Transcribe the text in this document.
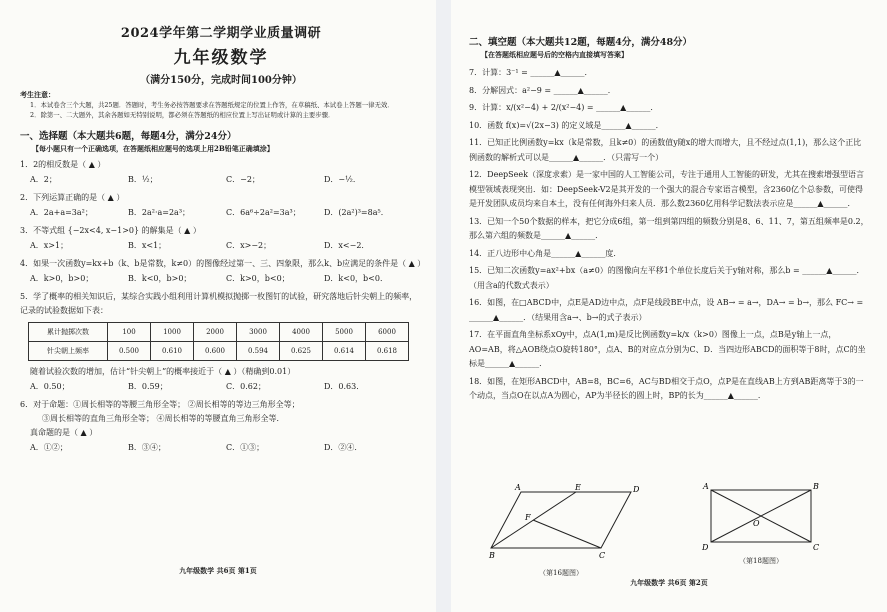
2024学年第二学期学业质量调研
九年级数学
（满分150分，完成时间100分钟）
考生注意：
1．本试卷含三个大题，共25题．答题时，考生务必按答题要求在答题纸规定的位置上作答，在草稿纸、本试卷上答题一律无效．
2．除第一、二大题外，其余各题如无特别说明，都必须在答题纸的相应位置上写出证明或计算的主要步骤．
一、选择题（本大题共6题，每题4分，满分24分）
【每小题只有一个正确选项，在答题纸相应题号的选项上用2B铅笔正确填涂】
1．2的相反数是（ ▲ ）
A．2；	B．½；	C．−2；	D．−½．
2．下列运算正确的是（ ▲ ）
A．2a+a=3a²；	B．2a²·a=2a³；	C．6a⁶÷2a²=3a³；	D．(2a²)³=8a⁵．
3．不等式组 {−2x<4, x−1>0} 的解集是（ ▲ ）
A．x>1；	B．x<1；	C．x>−2；	D．x<−2．
4．如果一次函数y=kx+b（k、b是常数，k≠0）的图像经过第一、三、四象限，那么k、b应满足的条件是（ ▲ ）
A．k>0，b>0；	B．k<0，b>0；	C．k>0，b<0；	D．k<0，b<0．
5．学了概率的相关知识后，某综合实践小组利用计算机模拟抛掷一枚图钉的试验，研究落地后针尖朝上的频率，记录的试验数据如下表：
累计抛掷次数	100	1000	2000	3000	4000	5000	6000
针尖朝上频率	0.500	0.610	0.600	0.594	0.625	0.614	0.618
随着试验次数的增加，估计“针尖朝上”的概率接近于（ ▲ ）（精确到0.01）
A．0.50；	B．0.59；	C．0.62；	D．0.63．
6．对于命题：①周长相等的等腰三角形全等； ②周长相等的等边三角形全等；
③周长相等的直角三角形全等； ④周长相等的等腰直角三角形全等．
真命题的是（ ▲ ）
A．①②；	B．③④；	C．①③；	D．②④．
九年级数学 共6页 第1页
二、填空题（本大题共12题，每题4分，满分48分）
【在答题纸相应题号后的空格内直接填写答案】
7．计算：3⁻¹ = ______▲______．
8．分解因式：a²−9 = ______▲______．
9．计算：x/(x²−4) + 2/(x²−4) = ______▲______．
10．函数 f(x)=√(2x−3) 的定义域是______▲______．
11．已知正比例函数y=kx（k是常数，且k≠0）的函数值y随x的增大而增大，且不经过点(1,1)，那么这个正比例函数的解析式可以是______▲______．（只需写一个）
12．DeepSeek（深度求索）是一家中国的人工智能公司，专注于通用人工智能的研发，尤其在搜索增强型语言模型领域表现突出．如：DeepSeek-V2是其开发的一个强大的混合专家语言模型，含2360亿个总参数，可使得是开发团队成员均来自本土，没有任何海外归来人员．那么数2360亿用科学记数法表示应是______▲______．
13．已知一个50个数据的样本，把它分成6组，第一组到第四组的频数分别是8、6、11、7，第五组频率是0.2，那么第六组的频数是______▲______．
14．正八边形中心角是______▲______度．
15．已知二次函数y=ax²+bx（a≠0）的图像向左平移1个单位长度后关于y轴对称，那么b = ______▲______．（用含a的代数式表示）
16．如图，在□ABCD中，点E是AD边中点，点F是线段BE中点，设 AB→ = a→，DA→ = b→，那么 FC→ = ______▲______．（结果用含a→、b→的式子表示）
17．在平面直角坐标系xOy中，点A(1,m)是反比例函数y=k/x（k>0）图像上一点，点B是y轴上一点，AO=AB，将△AOB绕点O旋转180°，点A、B的对应点分别为C、D．当四边形ABCD的面积等于8时，点C的坐标是______▲______．
18．如图，在矩形ABCD中，AB=8，BC=6，AC与BD相交于点O，点P是在直线AB上方到AB距离等于3的一个动点，当点O在以点A为圆心，AP为半径长的圆上时，BP的长为______▲______．
A	E	D
B	C
F
（第16题图）
A	B
D	C
O
（第18题图）
九年级数学 共6页 第2页
